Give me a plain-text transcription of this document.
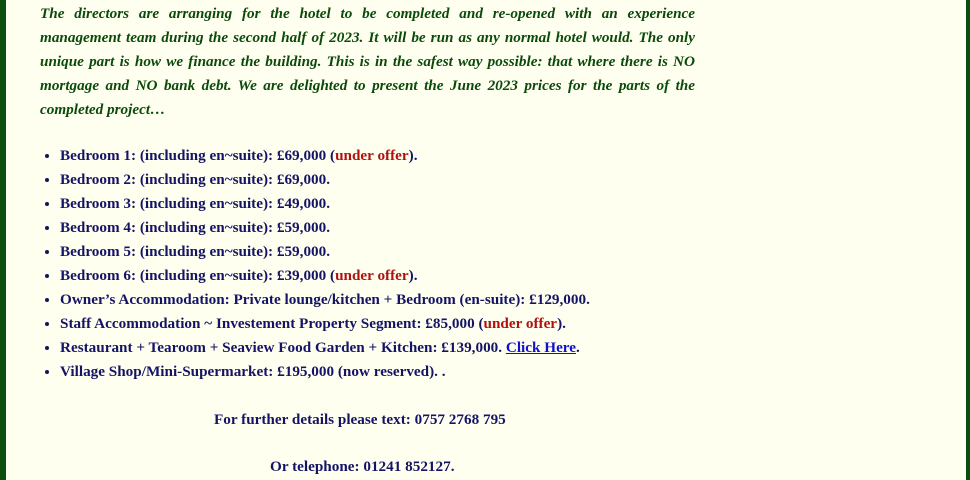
The directors are arranging for the hotel to be completed and re-opened with an experience management team during the second half of 2023. It will be run as any normal hotel would. The only unique part is how we finance the building. This is in the safest way possible: that where there is NO mortgage and NO bank debt. We are delighted to present the June 2023 prices for the parts of the completed project…

• Bedroom 1: (including en~suite): £69,000 (under offer).
• Bedroom 2: (including en~suite): £69,000.
• Bedroom 3: (including en~suite): £49,000.
• Bedroom 4: (including en~suite): £59,000.
• Bedroom 5: (including en~suite): £59,000.
• Bedroom 6: (including en~suite): £39,000 (under offer).
• Owner’s Accommodation: Private lounge/kitchen + Bedroom (en-suite): £129,000.
• Staff Accommodation ~ Investement Property Segment: £85,000 (under offer).
• Restaurant + Tearoom + Seaview Food Garden + Kitchen: £139,000. Click Here.
• Village Shop/Mini-Supermarket: £195,000 (now reserved). .

For further details please text: 0757 2768 795

Or telephone: 01241 852127.
